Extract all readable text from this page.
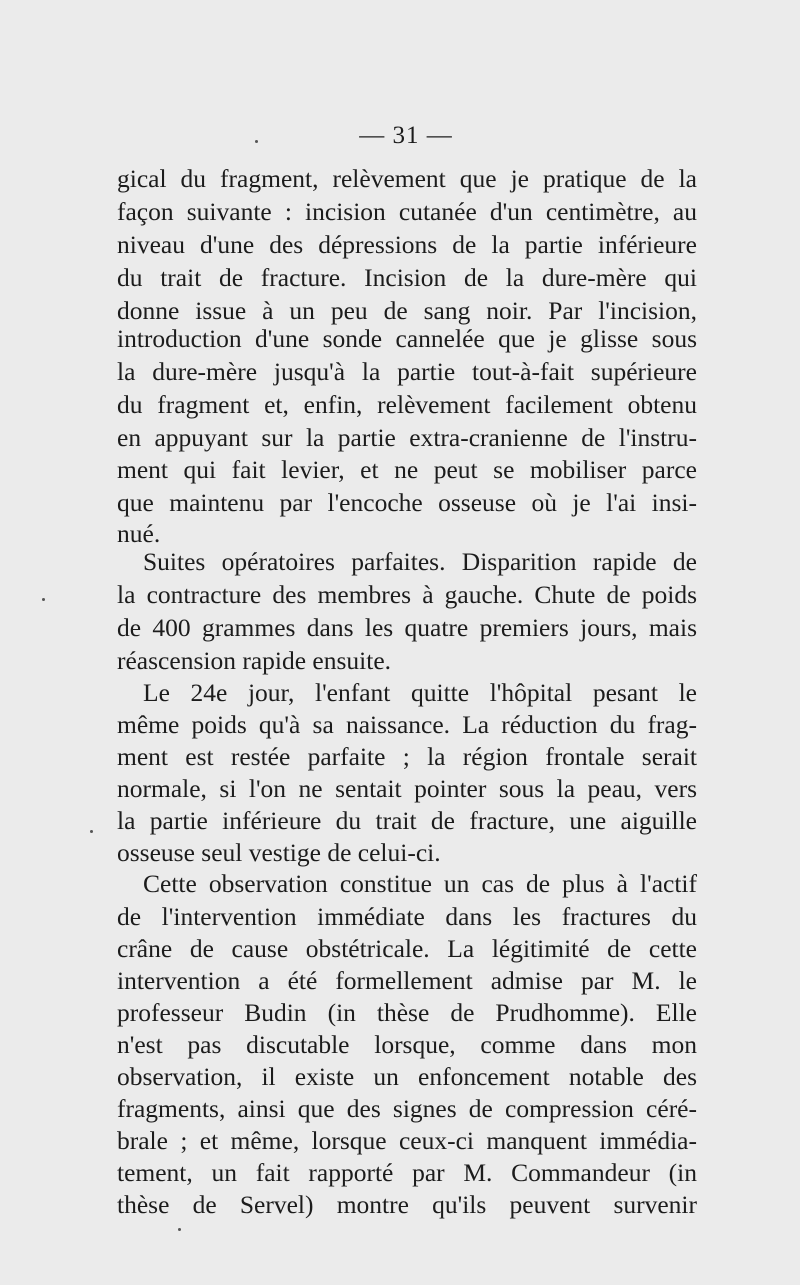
— 31 —
gical du fragment, relèvement que je pratique de la
façon suivante : incision cutanée d'un centimètre, au
niveau d'une des dépressions de la partie inférieure
du trait de fracture. Incision de la dure-mère qui
donne issue à un peu de sang noir. Par l'incision,
introduction d'une sonde cannelée que je glisse sous
la dure-mère jusqu'à la partie tout-à-fait supérieure
du fragment et, enfin, relèvement facilement obtenu
en appuyant sur la partie extra-cranienne de l'instru-
ment qui fait levier, et ne peut se mobiliser parce
que maintenu par l'encoche osseuse où je l'ai insi-
nué.
Suites opératoires parfaites. Disparition rapide de
la contracture des membres à gauche. Chute de poids
de 400 grammes dans les quatre premiers jours, mais
réascension rapide ensuite.
Le 24e jour, l'enfant quitte l'hôpital pesant le
même poids qu'à sa naissance. La réduction du frag-
ment est restée parfaite ; la région frontale serait
normale, si l'on ne sentait pointer sous la peau, vers
la partie inférieure du trait de fracture, une aiguille
osseuse seul vestige de celui-ci.
Cette observation constitue un cas de plus à l'actif
de l'intervention immédiate dans les fractures du
crâne de cause obstétricale. La légitimité de cette
intervention a été formellement admise par M. le
professeur Budin (in thèse de Prudhomme). Elle
n'est pas discutable lorsque, comme dans mon
observation, il existe un enfoncement notable des
fragments, ainsi que des signes de compression céré-
brale ; et même, lorsque ceux-ci manquent immédia-
tement, un fait rapporté par M. Commandeur (in
thèse de Servel) montre qu'ils peuvent survenir
